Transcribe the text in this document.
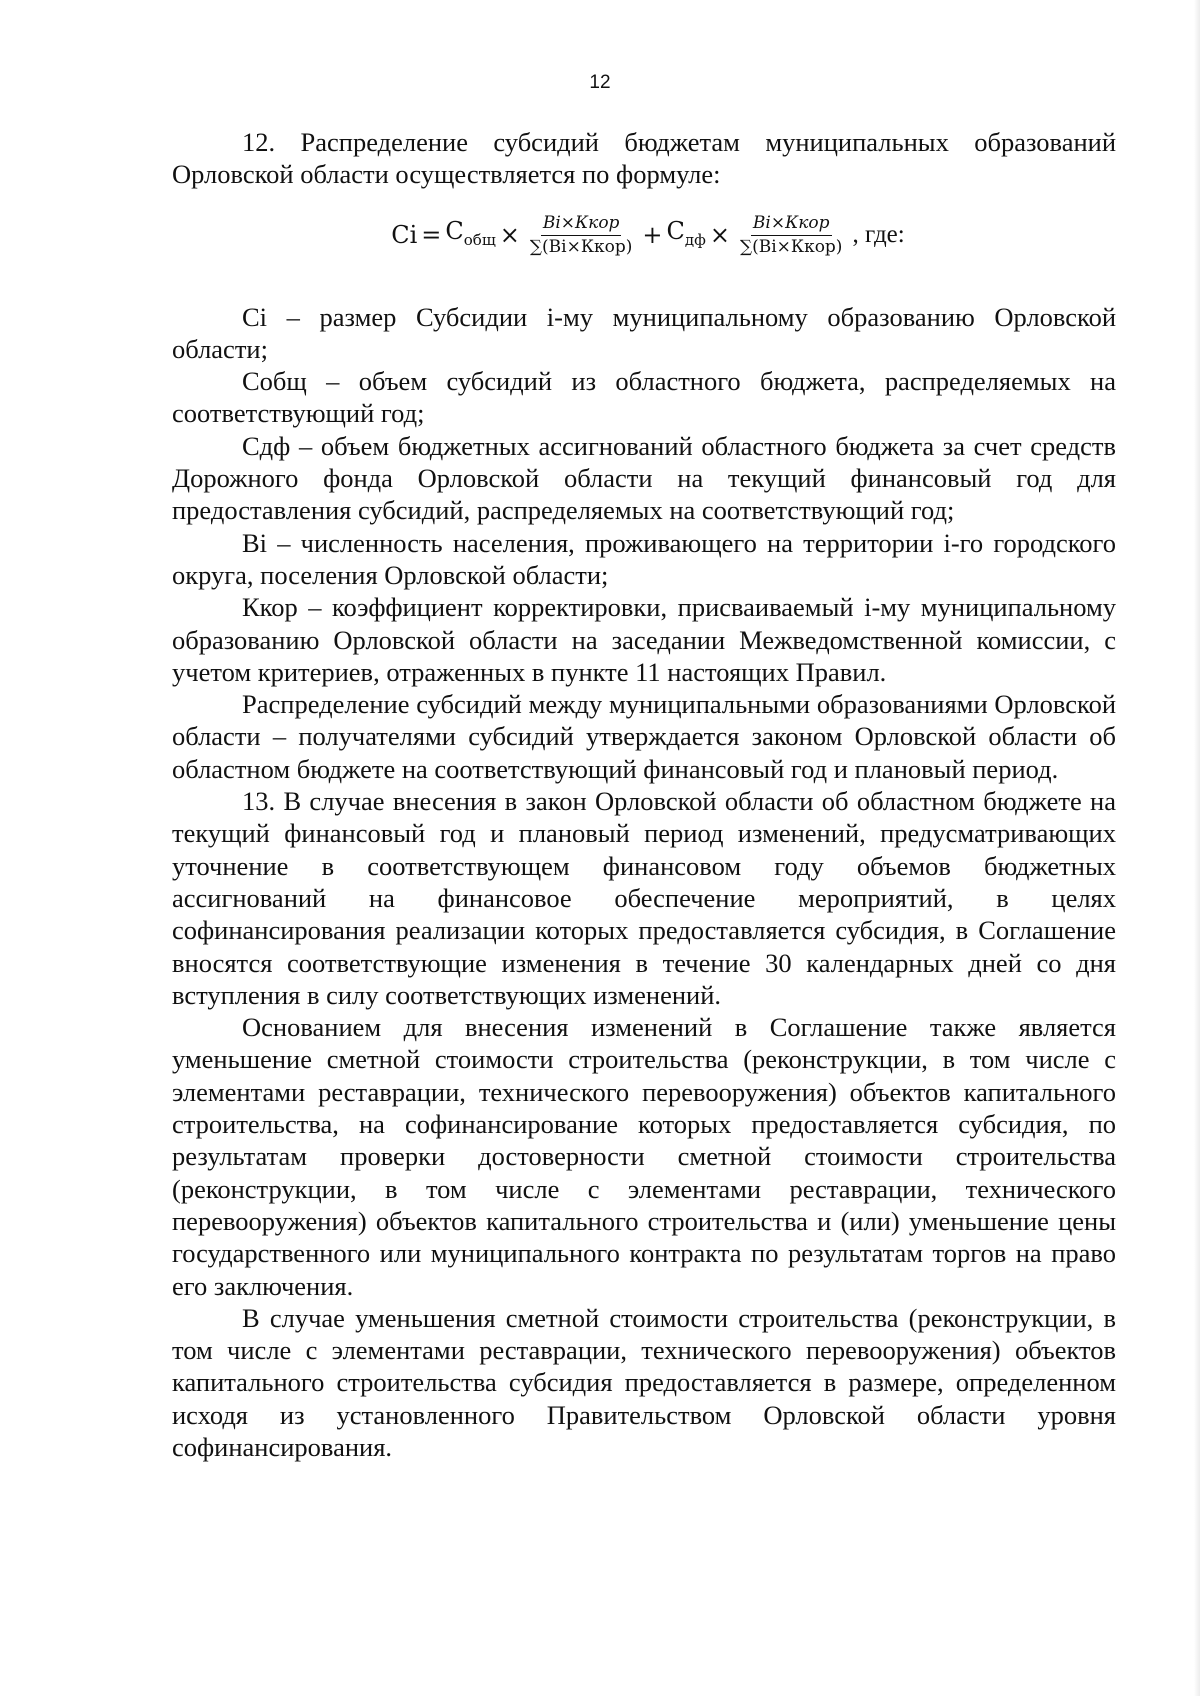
12

12. Распределение субсидий бюджетам муниципальных образований Орловской области осуществляется по формуле:

$Ci = С_{общ} \times \frac{\text{Bi×Ккор}}{\text{∑(Bi×Ккор)}} + С_{дф} \times \frac{\text{Bi×Ккор}}{\text{∑(Bi×Ккор)}}$ , где:

Ci – размер Субсидии i-му муниципальному образованию Орловской области;

Собщ – объем субсидий из областного бюджета, распределяемых на соответствующий год;

Сдф – объем бюджетных ассигнований областного бюджета за счет средств Дорожного фонда Орловской области на текущий финансовый год для предоставления субсидий, распределяемых на соответствующий год;

Bi – численность населения, проживающего на территории i-го городского округа, поселения Орловской области;

Ккор – коэффициент корректировки, присваиваемый i-му муниципальному образованию Орловской области на заседании Межведомственной комиссии, с учетом критериев, отраженных в пункте 11 настоящих Правил.

Распределение субсидий между муниципальными образованиями Орловской области – получателями субсидий утверждается законом Орловской области об областном бюджете на соответствующий финансовый год и плановый период.

13. В случае внесения в закон Орловской области об областном бюджете на текущий финансовый год и плановый период изменений, предусматривающих уточнение в соответствующем финансовом году объемов бюджетных ассигнований на финансовое обеспечение мероприятий, в целях софинансирования реализации которых предоставляется субсидия, в Соглашение вносятся соответствующие изменения в течение 30 календарных дней со дня вступления в силу соответствующих изменений.

Основанием для внесения изменений в Соглашение также является уменьшение сметной стоимости строительства (реконструкции, в том числе с элементами реставрации, технического перевооружения) объектов капитального строительства, на софинансирование которых предоставляется субсидия, по результатам проверки достоверности сметной стоимости строительства (реконструкции, в том числе с элементами реставрации, технического перевооружения) объектов капитального строительства и (или) уменьшение цены государственного или муниципального контракта по результатам торгов на право его заключения.

В случае уменьшения сметной стоимости строительства (реконструкции, в том числе с элементами реставрации, технического перевооружения) объектов капитального строительства субсидия предоставляется в размере, определенном исходя из установленного Правительством Орловской области уровня софинансирования.
